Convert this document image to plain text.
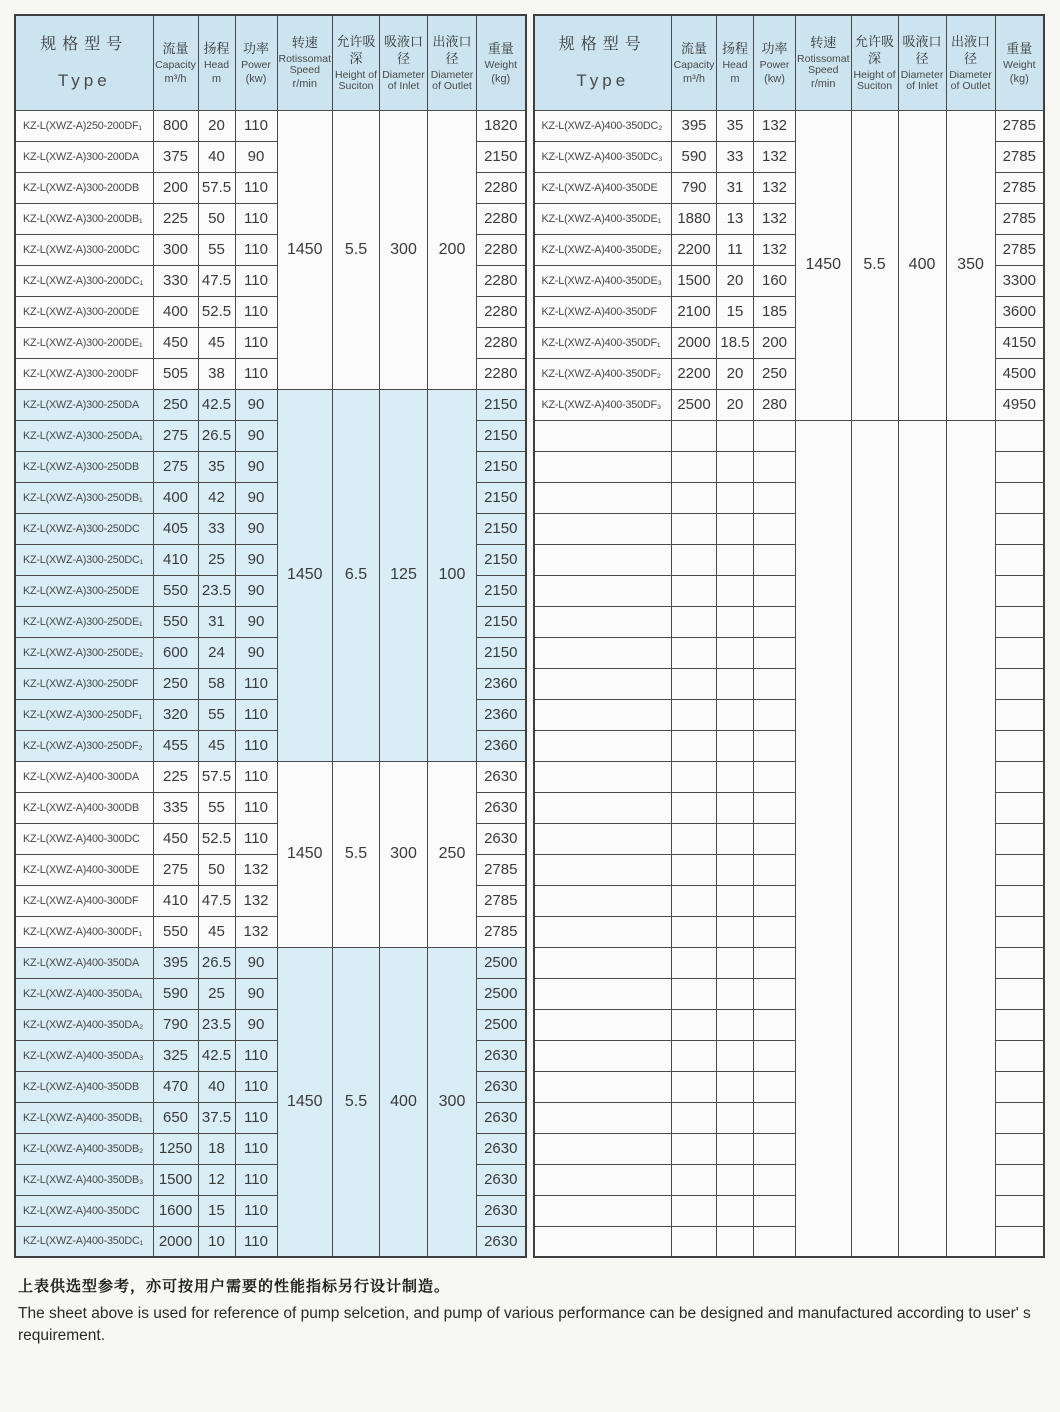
规格型号
Type

流量
Capacity
m³/h

扬程
Head
m

功率
Power
(kw)

转速
Rotissomat Speed
r/min

允许吸深
Height of Suciton

吸液口径
Diameter of Inlet

出液口径
Diameter of Outlet

重量
Weight
(kg)

KZ-L(XWZ-A)250-200DF₁	800	20	110	1450	5.5	300	200	1820
KZ-L(XWZ-A)300-200DA	375	40	90					2150
KZ-L(XWZ-A)300-200DB	200	57.5	110					2280
KZ-L(XWZ-A)300-200DB₁	225	50	110					2280
KZ-L(XWZ-A)300-200DC	300	55	110					2280
KZ-L(XWZ-A)300-200DC₁	330	47.5	110					2280
KZ-L(XWZ-A)300-200DE	400	52.5	110					2280
KZ-L(XWZ-A)300-200DE₁	450	45	110					2280
KZ-L(XWZ-A)300-200DF	505	38	110					2280
KZ-L(XWZ-A)300-250DA	250	42.5	90	1450	6.5	125	100	2150
KZ-L(XWZ-A)300-250DA₁	275	26.5	90					2150
KZ-L(XWZ-A)300-250DB	275	35	90					2150
KZ-L(XWZ-A)300-250DB₁	400	42	90					2150
KZ-L(XWZ-A)300-250DC	405	33	90					2150
KZ-L(XWZ-A)300-250DC₁	410	25	90					2150
KZ-L(XWZ-A)300-250DE	550	23.5	90					2150
KZ-L(XWZ-A)300-250DE₁	550	31	90					2150
KZ-L(XWZ-A)300-250DE₂	600	24	90					2150
KZ-L(XWZ-A)300-250DF	250	58	110					2360
KZ-L(XWZ-A)300-250DF₁	320	55	110					2360
KZ-L(XWZ-A)300-250DF₂	455	45	110					2360
KZ-L(XWZ-A)400-300DA	225	57.5	110	1450	5.5	300	250	2630
KZ-L(XWZ-A)400-300DB	335	55	110					2630
KZ-L(XWZ-A)400-300DC	450	52.5	110					2630
KZ-L(XWZ-A)400-300DE	275	50	132					2785
KZ-L(XWZ-A)400-300DF	410	47.5	132					2785
KZ-L(XWZ-A)400-300DF₁	550	45	132					2785
KZ-L(XWZ-A)400-350DA	395	26.5	90	1450	5.5	400	300	2500
KZ-L(XWZ-A)400-350DA₁	590	25	90					2500
KZ-L(XWZ-A)400-350DA₂	790	23.5	90					2500
KZ-L(XWZ-A)400-350DA₃	325	42.5	110					2630
KZ-L(XWZ-A)400-350DB	470	40	110					2630
KZ-L(XWZ-A)400-350DB₁	650	37.5	110					2630
KZ-L(XWZ-A)400-350DB₂	1250	18	110					2630
KZ-L(XWZ-A)400-350DB₃	1500	12	110					2630
KZ-L(XWZ-A)400-350DC	1600	15	110					2630
KZ-L(XWZ-A)400-350DC₁	2000	10	110					2630
规格型号
Type

流量
Capacity
m³/h

扬程
Head
m

功率
Power
(kw)

转速
Rotissomat Speed
r/min

允许吸深
Height of Suciton

吸液口径
Diameter of Inlet

出液口径
Diameter of Outlet

重量
Weight
(kg)

KZ-L(XWZ-A)400-350DC₂	395	35	132	1450	5.5	400	350	2785
KZ-L(XWZ-A)400-350DC₃	590	33	132					2785
KZ-L(XWZ-A)400-350DE	790	31	132					2785
KZ-L(XWZ-A)400-350DE₁	1880	13	132					2785
KZ-L(XWZ-A)400-350DE₂	2200	11	132					2785
KZ-L(XWZ-A)400-350DE₃	1500	20	160					3300
KZ-L(XWZ-A)400-350DF	2100	15	185					3600
KZ-L(XWZ-A)400-350DF₁	2000	18.5	200					4150
KZ-L(XWZ-A)400-350DF₂	2200	20	250					4500
KZ-L(XWZ-A)400-350DF₃	2500	20	280					4950

上表供选型参考，亦可按用户需要的性能指标另行设计制造。

The sheet above is used for reference of pump selcetion, and pump of various performance can be designed and manufactured according to user' s requirement.
